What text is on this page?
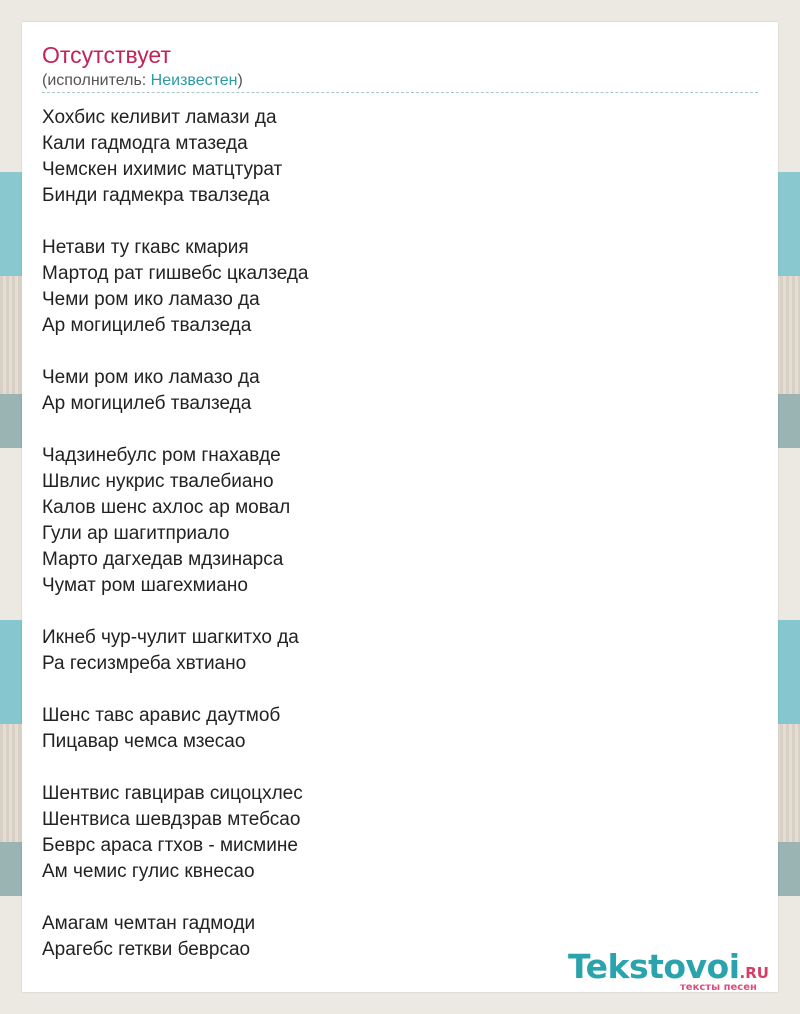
Отсутствует
(исполнитель: Неизвестен)
Хохбис келивит ламази да
Кали гадмодга мтазеда
Чемскен ихимис матцтурат
Бинди гадмекра твалзеда
Нетави ту гкавс кмария
Мартод рат гишвебс цкалзеда
Чеми ром ико ламазо да
Ар могицилеб твалзеда
Чеми ром ико ламазо да
Ар могицилеб твалзеда
Чадзинебулс ром гнахавде
Швлис нукрис твалебиано
Калов шенс ахлос ар мовал
Гули ар шагитприало
Марто дагхедав мдзинарса
Чумат ром шагехмиано
Икнеб чур-чулит шагкитхо да
Ра гесизмреба хвтиано
Шенс тавс аравис даутмоб
Пицавар чемса мзесао
Шентвис гавцирав сицоцхлес
Шентвиса шевдзрав мтебсао
Беврс араса гтхов - мисмине
Ам чемис гулис квнесао
Амагам чемтан гадмоди
Арагебс геткви беврсао	Tekstovoi.RU
тексты песен
